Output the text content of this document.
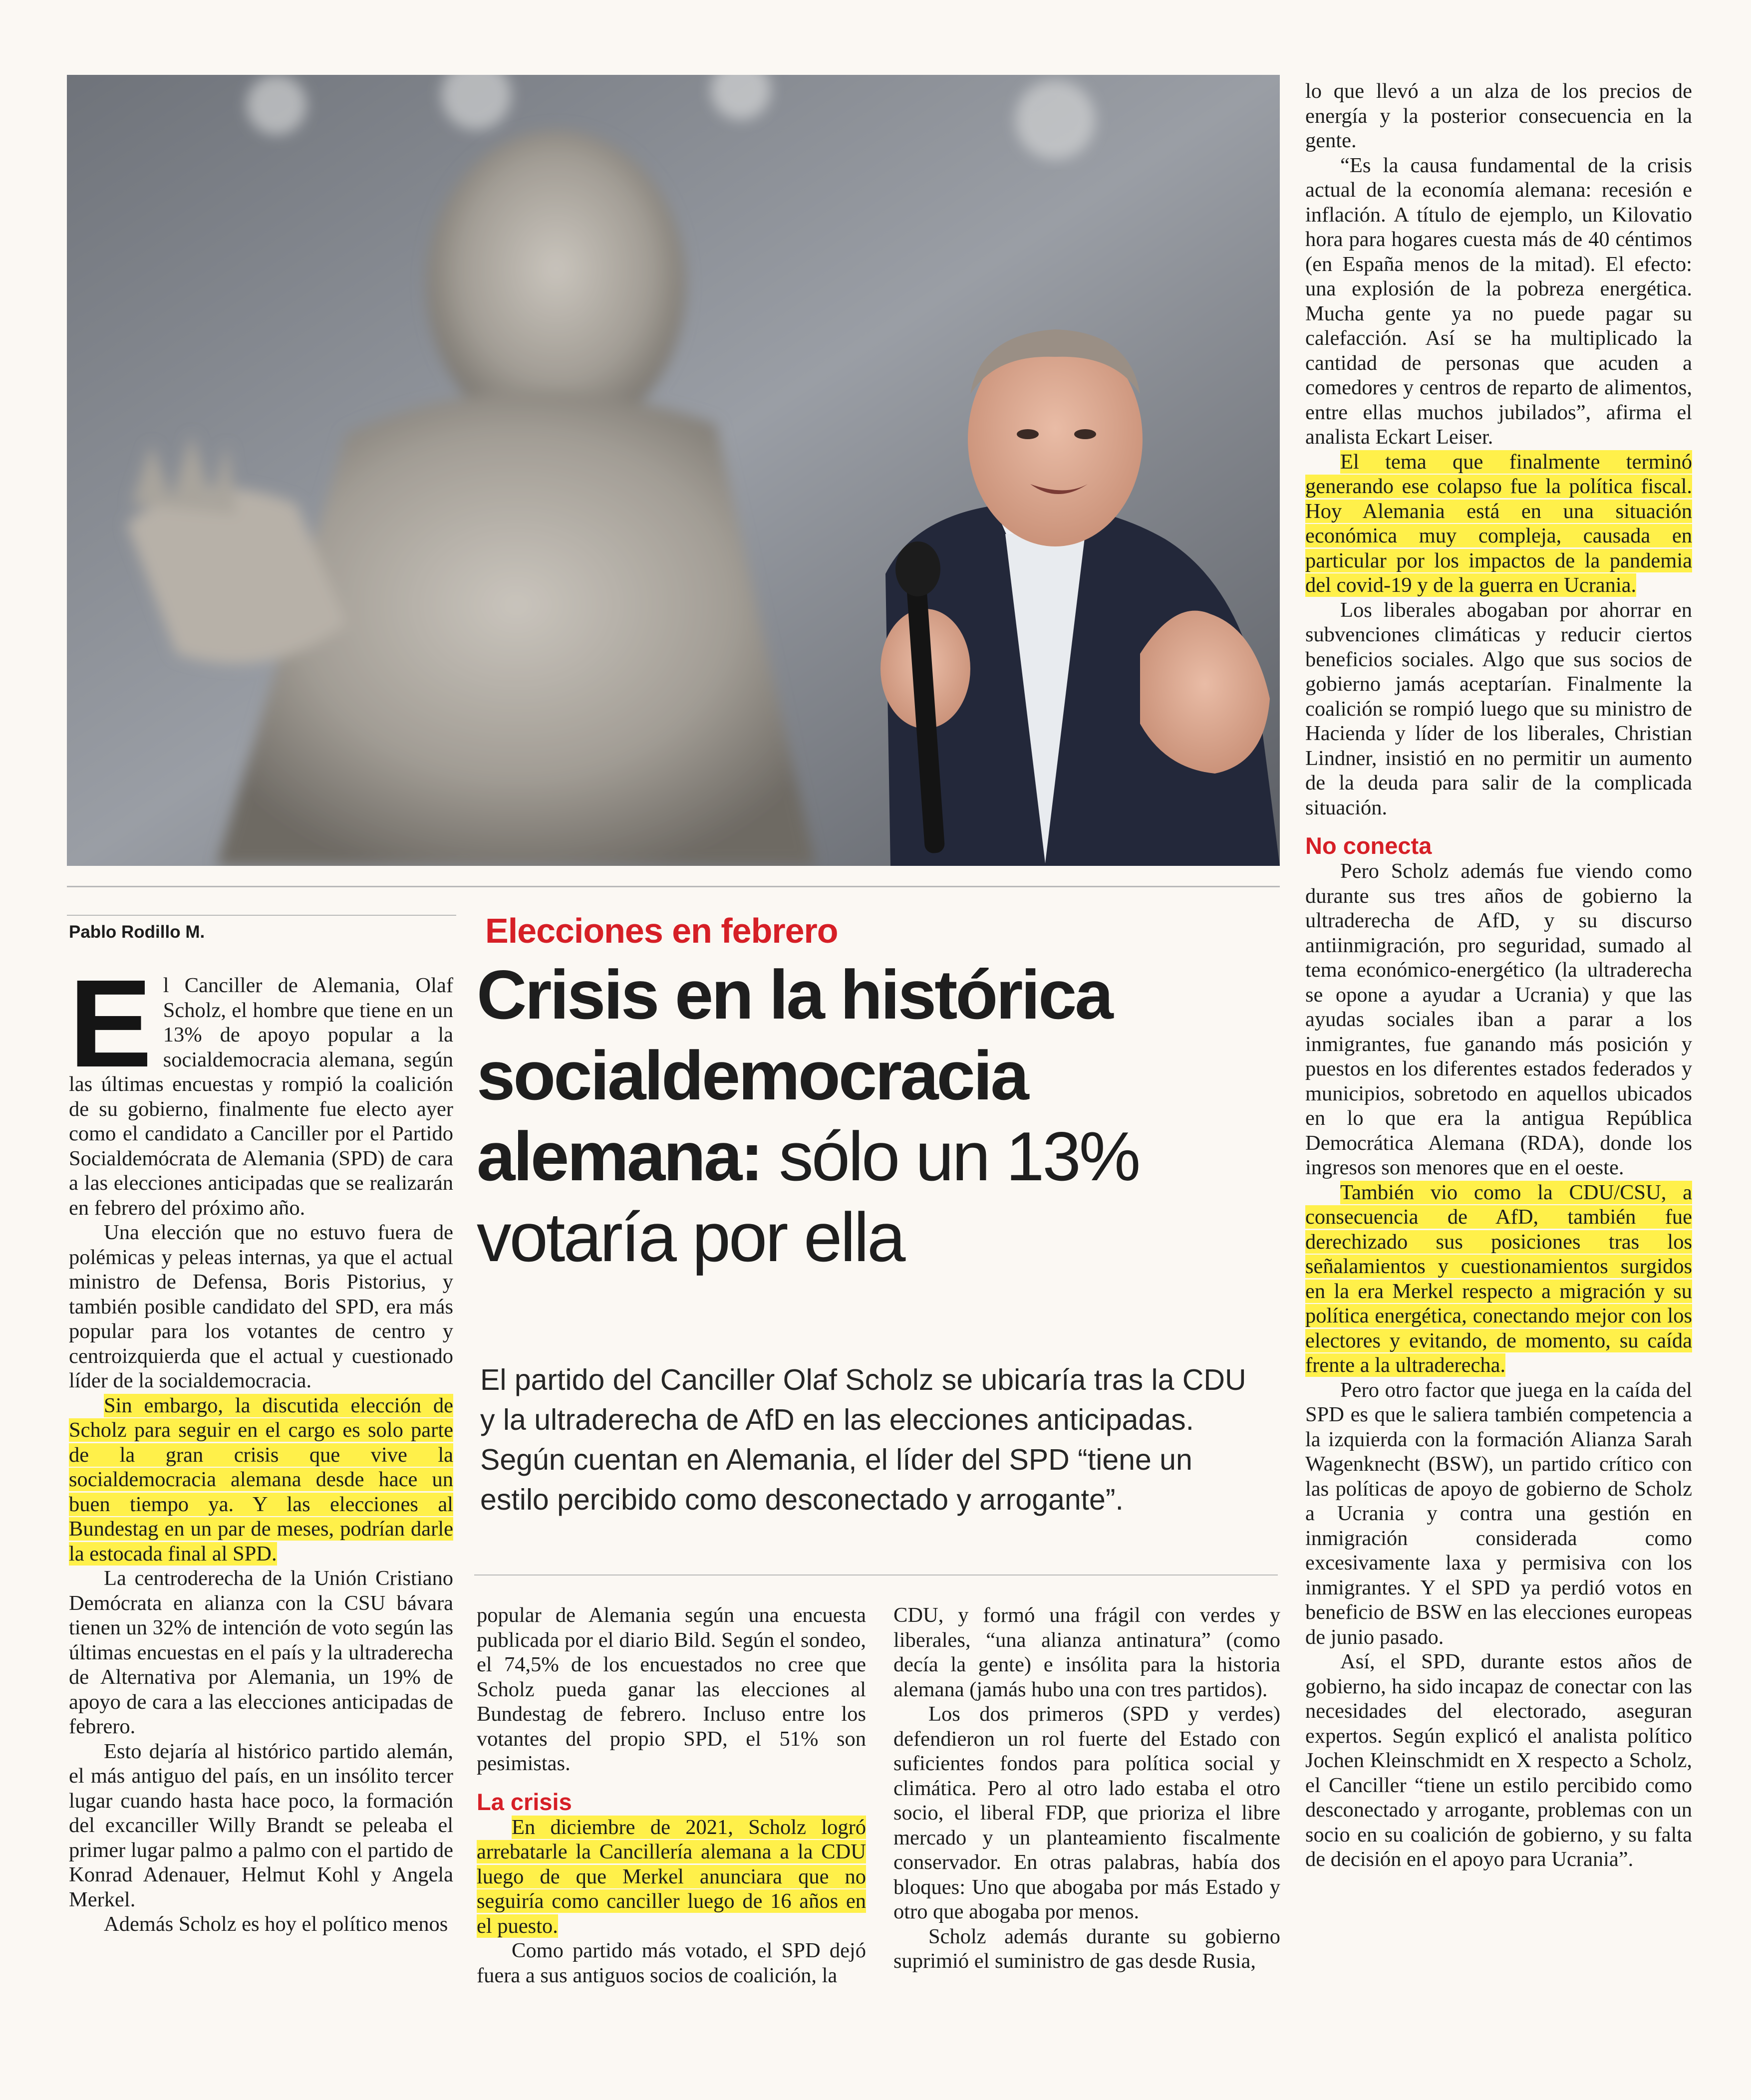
Pablo Rodillo M.	Elecciones en febrero
Crisis en la histórica
socialdemocracia
alemana: sólo un 13%
votaría por ella
El partido del Canciller Olaf Scholz se ubicaría tras la CDU y la ultraderecha de AfD en las elecciones anticipadas. Según cuentan en Alemania, el líder del SPD “tiene un estilo percibido como desconectado y arrogante”.

El Canciller de Alemania, Olaf Scholz, el hombre que tiene en un 13% de apoyo popular a la socialdemocracia alemana, según las últimas encuestas y rompió la coalición de su gobierno, finalmente fue electo ayer como el candidato a Canciller por el Partido Socialdemócrata de Alemania (SPD) de cara a las elecciones anticipadas que se realizarán en febrero del próximo año.

Una elección que no estuvo fuera de polémicas y peleas internas, ya que el actual ministro de Defensa, Boris Pistorius, y también posible candidato del SPD, era más popular para los votantes de centro y centroizquierda que el actual y cuestionado líder de la socialdemocracia.

Sin embargo, la discutida elección de Scholz para seguir en el cargo es solo parte de la gran crisis que vive la socialdemocracia alemana desde hace un buen tiempo ya. Y las elecciones al Bundestag en un par de meses, podrían darle la estocada final al SPD.

La centroderecha de la Unión Cristiano Demócrata en alianza con la CSU bávara tienen un 32% de intención de voto según las últimas encuestas en el país y la ultraderecha de Alternativa por Alemania, un 19% de apoyo de cara a las elecciones anticipadas de febrero.

Esto dejaría al histórico partido alemán, el más antiguo del país, en un insólito tercer lugar cuando hasta hace poco, la formación del excanciller Willy Brandt se peleaba el primer lugar palmo a palmo con el partido de Konrad Adenauer, Helmut Kohl y Angela Merkel.

Además Scholz es hoy el político menos

popular de Alemania según una encuesta publicada por el diario Bild. Según el sondeo, el 74,5% de los encuestados no cree que Scholz pueda ganar las elecciones al Bundestag de febrero. Incluso entre los votantes del propio SPD, el 51% son pesimistas.

La crisis

En diciembre de 2021, Scholz logró arrebatarle la Cancillería alemana a la CDU luego de que Merkel anunciara que no seguiría como canciller luego de 16 años en el puesto.

Como partido más votado, el SPD dejó fuera a sus antiguos socios de coalición, la

CDU, y formó una frágil con verdes y liberales, “una alianza antinatura” (como decía la gente) e insólita para la historia alemana (jamás hubo una con tres partidos).

Los dos primeros (SPD y verdes) defendieron un rol fuerte del Estado con suficientes fondos para política social y climática. Pero al otro lado estaba el otro socio, el liberal FDP, que prioriza el libre mercado y un planteamiento fiscalmente conservador. En otras palabras, había dos bloques: Uno que abogaba por más Estado y otro que abogaba por menos.

Scholz además durante su gobierno suprimió el suministro de gas desde Rusia,

lo que llevó a un alza de los precios de energía y la posterior consecuencia en la gente.

“Es la causa fundamental de la crisis actual de la economía alemana: recesión e inflación. A título de ejemplo, un Kilovatio hora para hogares cuesta más de 40 céntimos (en España menos de la mitad). El efecto: una explosión de la pobreza energética. Mucha gente ya no puede pagar su calefacción. Así se ha multiplicado la cantidad de personas que acuden a comedores y centros de reparto de alimentos, entre ellas muchos jubilados”, afirma el analista Eckart Leiser.

El tema que finalmente terminó generando ese colapso fue la política fiscal. Hoy Alemania está en una situación económica muy compleja, causada en particular por los impactos de la pandemia del covid-19 y de la guerra en Ucrania.

Los liberales abogaban por ahorrar en subvenciones climáticas y reducir ciertos beneficios sociales. Algo que sus socios de gobierno jamás aceptarían. Finalmente la coalición se rompió luego que su ministro de Hacienda y líder de los liberales, Christian Lindner, insistió en no permitir un aumento de la deuda para salir de la complicada situación.

No conecta

Pero Scholz además fue viendo como durante sus tres años de gobierno la ultraderecha de AfD, y su discurso antiinmigración, pro seguridad, sumado al tema económico-energético (la ultraderecha se opone a ayudar a Ucrania) y que las ayudas sociales iban a parar a los inmigrantes, fue ganando más posición y puestos en los diferentes estados federados y municipios, sobretodo en aquellos ubicados en lo que era la antigua República Democrática Alemana (RDA), donde los ingresos son menores que en el oeste.

También vio como la CDU/CSU, a consecuencia de AfD, también fue derechizado sus posiciones tras los señalamientos y cuestionamientos surgidos en la era Merkel respecto a migración y su política energética, conectando mejor con los electores y evitando, de momento, su caída frente a la ultraderecha.

Pero otro factor que juega en la caída del SPD es que le saliera también competencia a la izquierda con la formación Alianza Sarah Wagenknecht (BSW), un partido crítico con las políticas de apoyo de gobierno de Scholz a Ucrania y contra una gestión en inmigración considerada como excesivamente laxa y permisiva con los inmigrantes. Y el SPD ya perdió votos en beneficio de BSW en las elecciones europeas de junio pasado.

Así, el SPD, durante estos años de gobierno, ha sido incapaz de conectar con las necesidades del electorado, aseguran expertos. Según explicó el analista político Jochen Kleinschmidt en X respecto a Scholz, el Canciller “tiene un estilo percibido como desconectado y arrogante, problemas con un socio en su coalición de gobierno, y su falta de decisión en el apoyo para Ucrania”.
